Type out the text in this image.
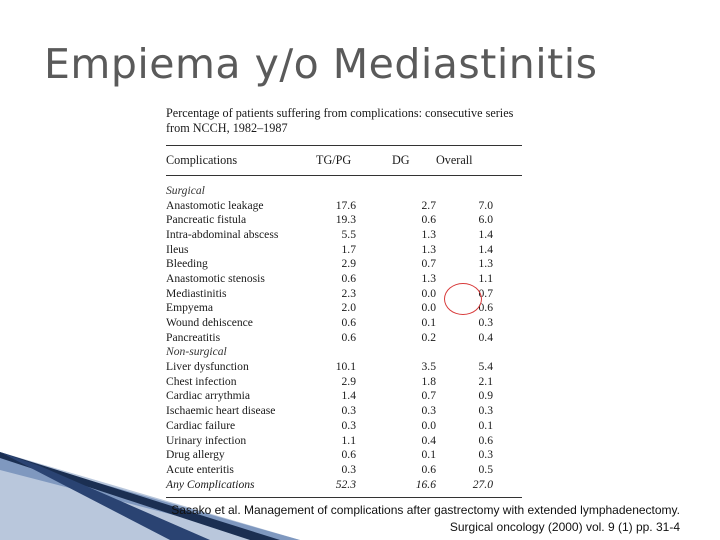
Empiema y/o Mediastinitis

Percentage of patients suffering from complications: consecutive series from NCCH, 1982–1987

Complications	TG/PG	DG	Overall
Surgical
Anastomotic leakage	17.6	2.7	7.0
Pancreatic fistula	19.3	0.6	6.0
Intra-abdominal abscess	5.5	1.3	1.4
Ileus	1.7	1.3	1.4
Bleeding	2.9	0.7	1.3
Anastomotic stenosis	0.6	1.3	1.1
Mediastinitis	2.3	0.0	0.7
Empyema	2.0	0.0	0.6
Wound dehiscence	0.6	0.1	0.3
Pancreatitis	0.6	0.2	0.4
Non-surgical
Liver dysfunction	10.1	3.5	5.4
Chest infection	2.9	1.8	2.1
Cardiac arrythmia	1.4	0.7	0.9
Ischaemic heart disease	0.3	0.3	0.3
Cardiac failure	0.3	0.0	0.1
Urinary infection	1.1	0.4	0.6
Drug allergy	0.6	0.1	0.3
Acute enteritis	0.3	0.6	0.5
Any Complications	52.3	16.6	27.0
Sasako et al. Management of complications after gastrectomy with extended lymphadenectomy.
Surgical oncology (2000) vol. 9 (1) pp. 31-4
